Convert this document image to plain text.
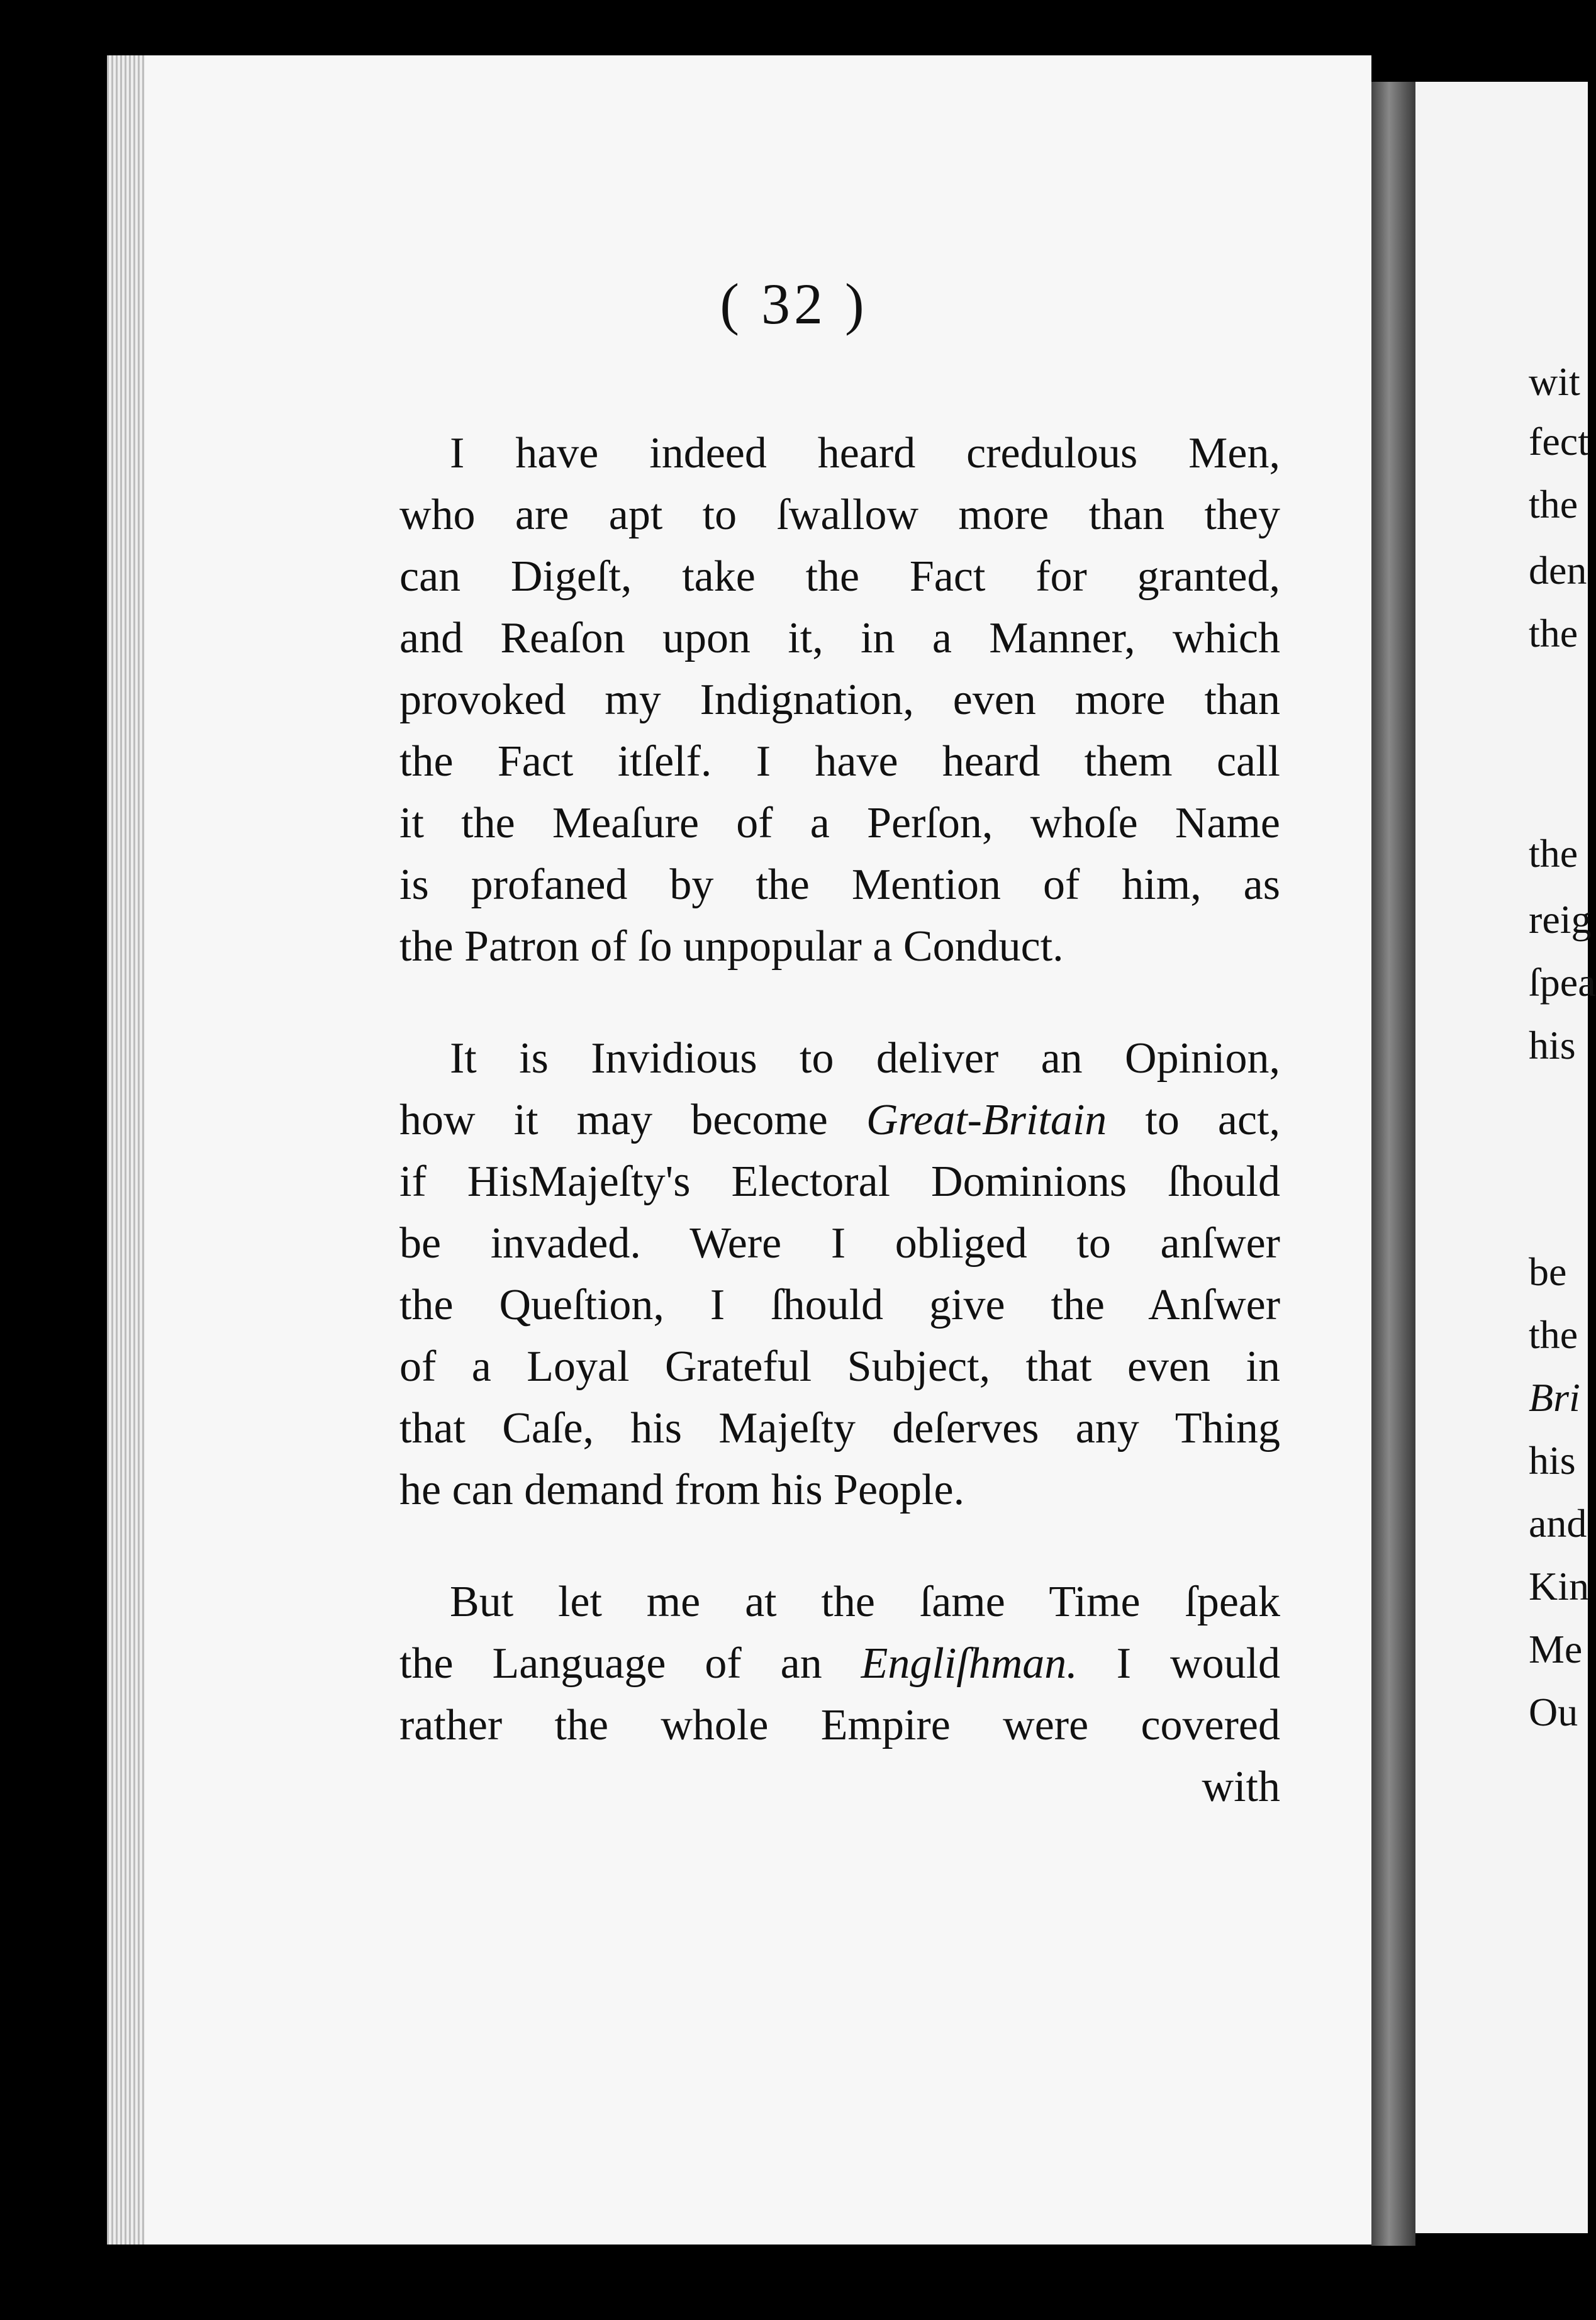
( 32 )
I have indeed heard credulous Men,
who are apt to ſwallow more than they
can Digeſt, take the Fact for granted,
and Reaſon upon it, in a Manner, which
provoked my Indignation, even more than
the Fact itſelf. I have heard them call
it the Meaſure of a Perſon, whoſe Name
is profaned by the Mention of him, as
the Patron of ſo unpopular a Conduct.
It is Invidious to deliver an Opinion,
how it may become Great-Britain to act,
if HisMajeſty's Electoral Dominions ſhould
be invaded. Were I obliged to anſwer
the Queſtion, I ſhould give the Anſwer
of a Loyal Grateful Subject, that even in
that Caſe, his Majeſty deſerves any Thing
he can demand from his People.
But let me at the ſame Time ſpeak
the Language of an Engliſhman. I would
rather the whole Empire were covered
with
wit
fect
the
den
the
the
reig
ſpea
his
be
the
Bri
his
and
Kin
Me
Ou
